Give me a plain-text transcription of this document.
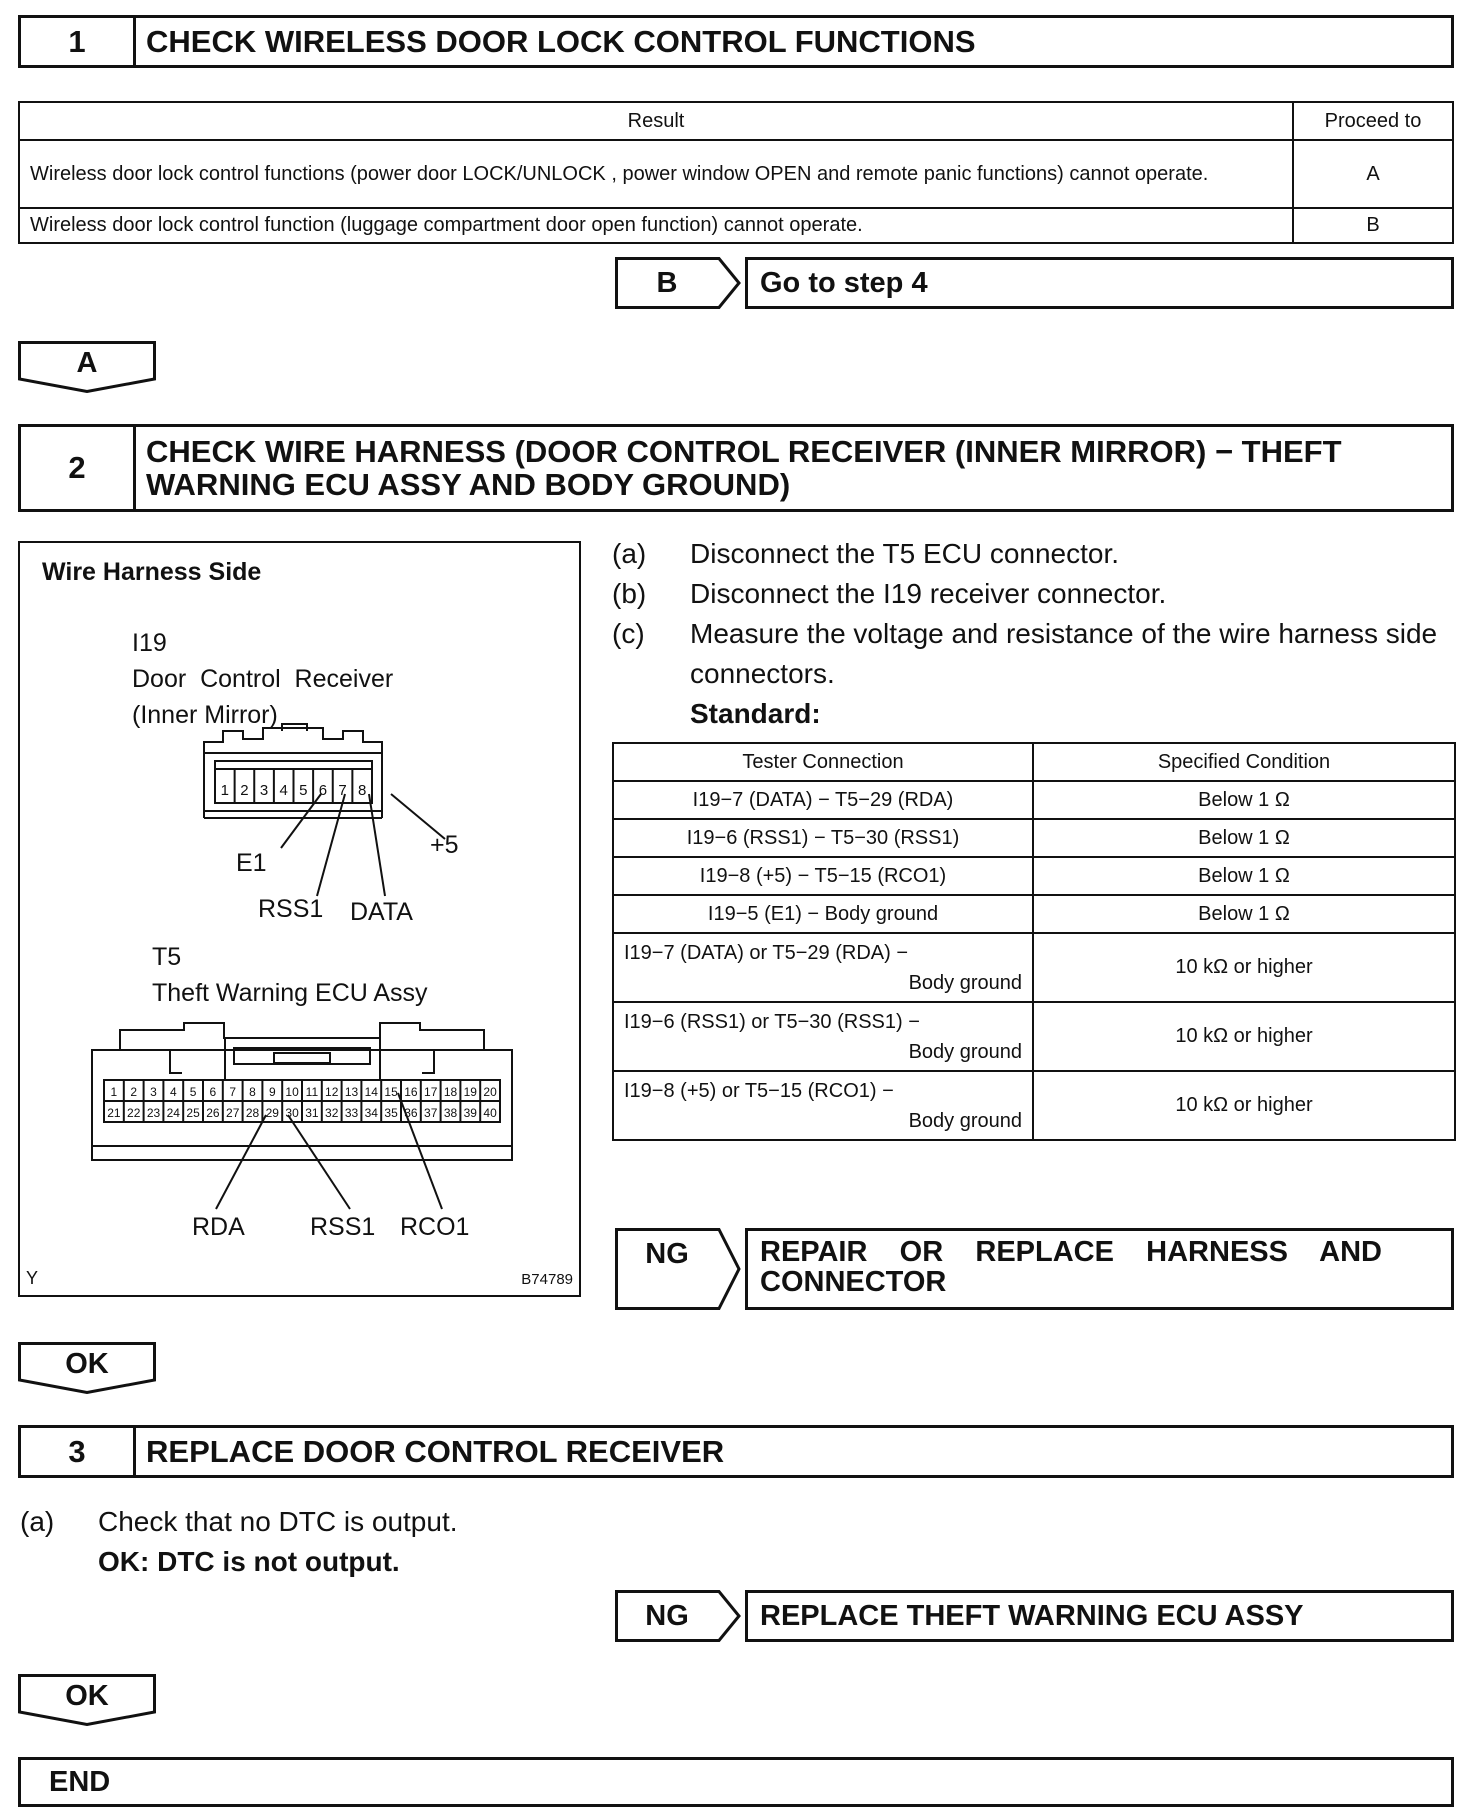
1	CHECK WIRELESS DOOR LOCK CONTROL FUNCTIONS
Result	Proceed to
Wireless door lock control functions (power door LOCK/UNLOCK , power window OPEN and remote panic functions) cannot operate.	A
Wireless door lock control function (luggage compartment door open function) cannot operate.	B
B	Go to step 4
A
2	CHECK WIRE HARNESS (DOOR CONTROL RECEIVER (INNER MIRROR) − THEFT WARNING ECU ASSY AND BODY GROUND)
Wire Harness Side
I19
Door  Control  Receiver
(Inner Mirror)
1 2 3 4 5 6 7 8
E1
+5
RSS1 DATA
T5
Theft Warning ECU Assy
1 2 3 4 5 6 7 8 9 10 11 12 13 14 15 16 17 18 19 20
21 22 23 24 25 26 27 28 29 30 31 32 33 34 35 36 37 38 39 40
RDA	RSS1 RCO1
Y	B74789
(a)	Disconnect the T5 ECU connector.
(b)	Disconnect the I19 receiver connector.
(c)	Measure the voltage and resistance of the wire harness side connectors.
Standard:
Tester Connection	Specified Condition
I19−7 (DATA) − T5−29 (RDA)	Below 1 Ω
I19−6 (RSS1) − T5−30 (RSS1)	Below 1 Ω
I19−8 (+5) − T5−15 (RCO1)	Below 1 Ω
I19−5 (E1) − Body ground	Below 1 Ω

I19−7 (DATA) or T5−29 (RDA) −
Body ground	10 kΩ or higher

I19−6 (RSS1) or T5−30 (RSS1) −
Body ground	10 kΩ or higher

I19−8 (+5) or T5−15 (RCO1) −
Body ground	10 kΩ or higher
NG	REPAIR    OR    REPLACE    HARNESS    AND CONNECTOR
OK
3	REPLACE DOOR CONTROL RECEIVER
(a)	Check that no DTC is output.
OK: DTC is not output.
NG	REPLACE THEFT WARNING ECU ASSY
OK
END
